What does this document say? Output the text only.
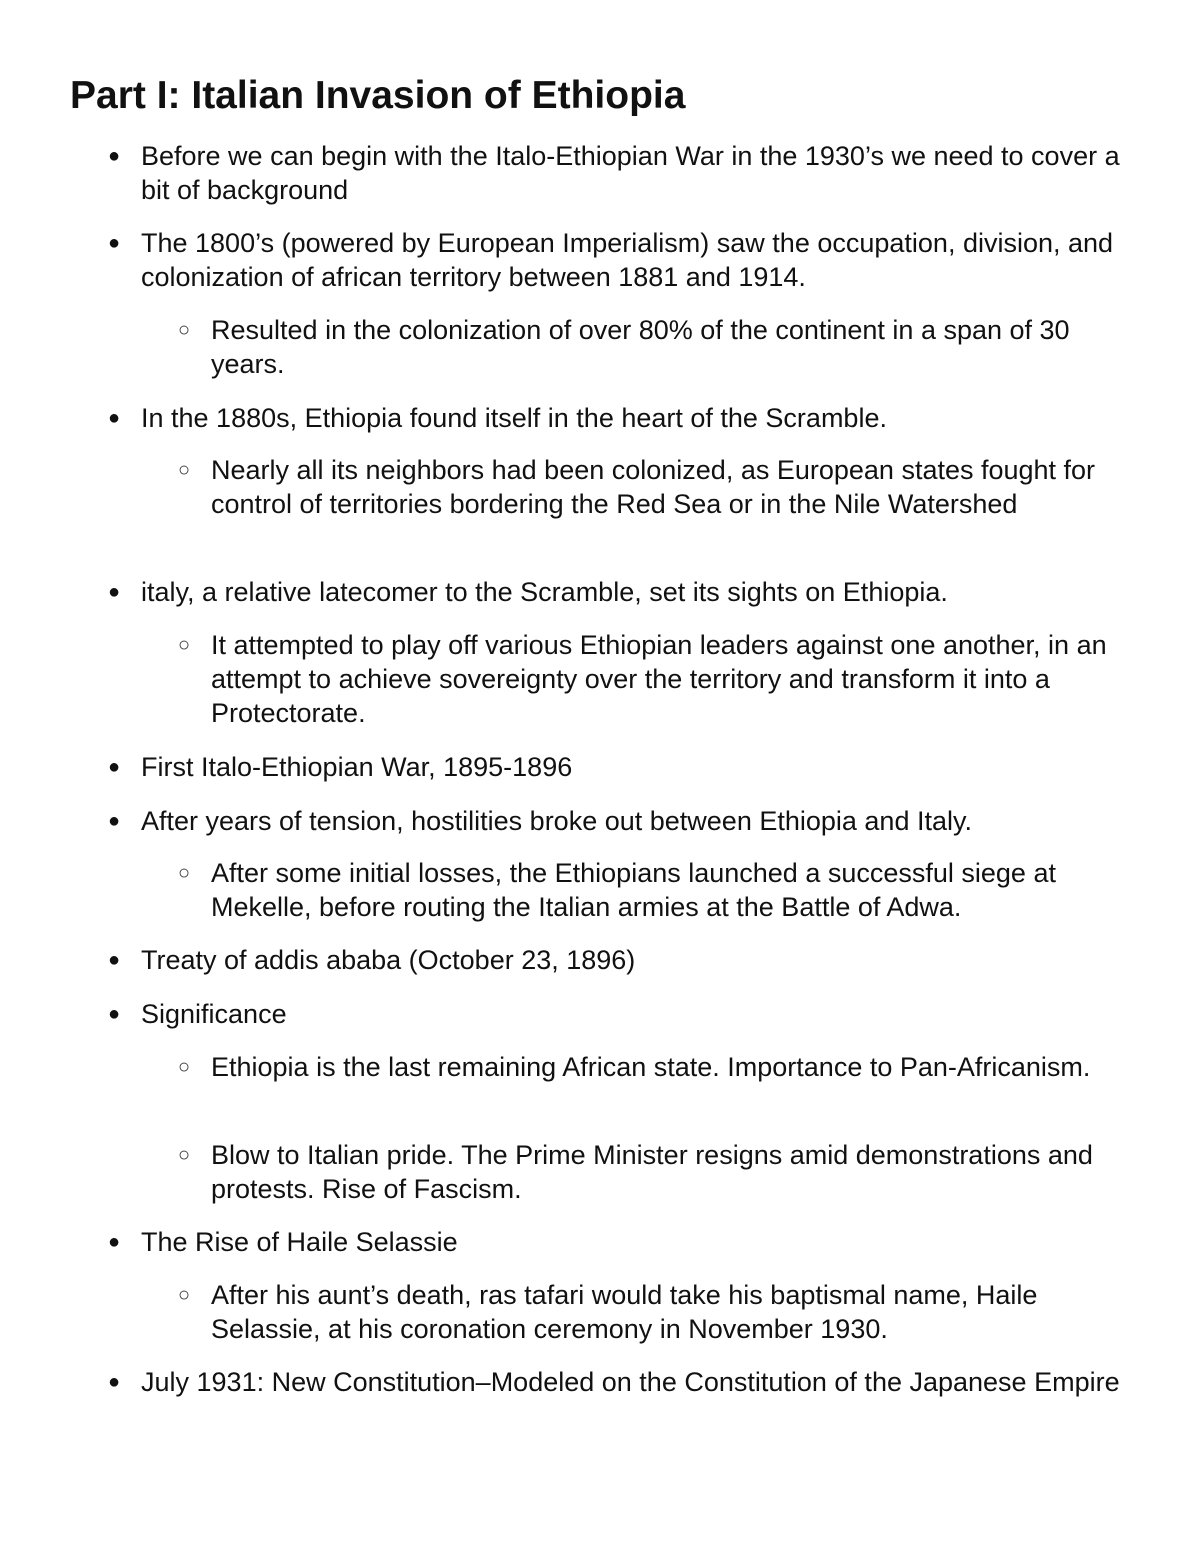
Part I: Italian Invasion of Ethiopia
● Before we can begin with the Italo-Ethiopian War in the 1930’s we need to cover a bit of background
● The 1800’s (powered by European Imperialism) saw the occupation, division, and colonization of african territory between 1881 and 1914.
○ Resulted in the colonization of over 80% of the continent in a span of 30 years.
● In the 1880s, Ethiopia found itself in the heart of the Scramble.
○ Nearly all its neighbors had been colonized, as European states fought for control of territories bordering the Red Sea or in the Nile Watershed
● italy, a relative latecomer to the Scramble, set its sights on Ethiopia.
○ It attempted to play off various Ethiopian leaders against one another, in an attempt to achieve sovereignty over the territory and transform it into a Protectorate.
● First Italo-Ethiopian War, 1895-1896
● After years of tension, hostilities broke out between Ethiopia and Italy.
○ After some initial losses, the Ethiopians launched a successful siege at Mekelle, before routing the Italian armies at the Battle of Adwa.
● Treaty of addis ababa (October 23, 1896)
● Significance
○ Ethiopia is the last remaining African state. Importance to Pan-Africanism.
○ Blow to Italian pride. The Prime Minister resigns amid demonstrations and protests. Rise of Fascism.
● The Rise of Haile Selassie
○ After his aunt’s death, ras tafari would take his baptismal name, Haile Selassie, at his coronation ceremony in November 1930.
● July 1931: New Constitution–Modeled on the Constitution of the Japanese Empire
